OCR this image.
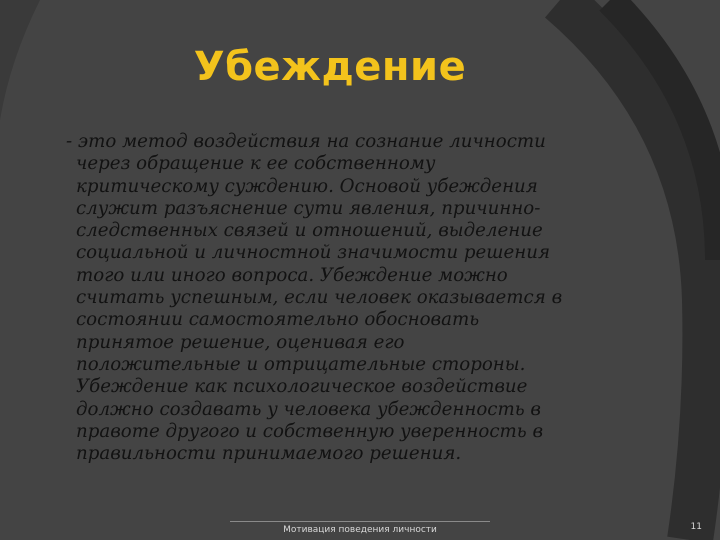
Убеждение
- это метод воздействия на сознание личности
через обращение к ее собственному
критическому суждению. Основой убеждения
служит разъяснение сути явления, причинно-
следственных связей и отношений, выделение
социальной и личностной значимости решения
того или иного вопроса. Убеждение можно
считать успешным, если человек оказывается в
состоянии самостоятельно обосновать
принятое решение, оценивая его
положительные и отрицательные стороны.
Убеждение как психологическое воздействие
должно создавать у человека убежденность в
правоте другого и собственную уверенность в
правильности принимаемого решения.
Мотивация поведения личности	11
